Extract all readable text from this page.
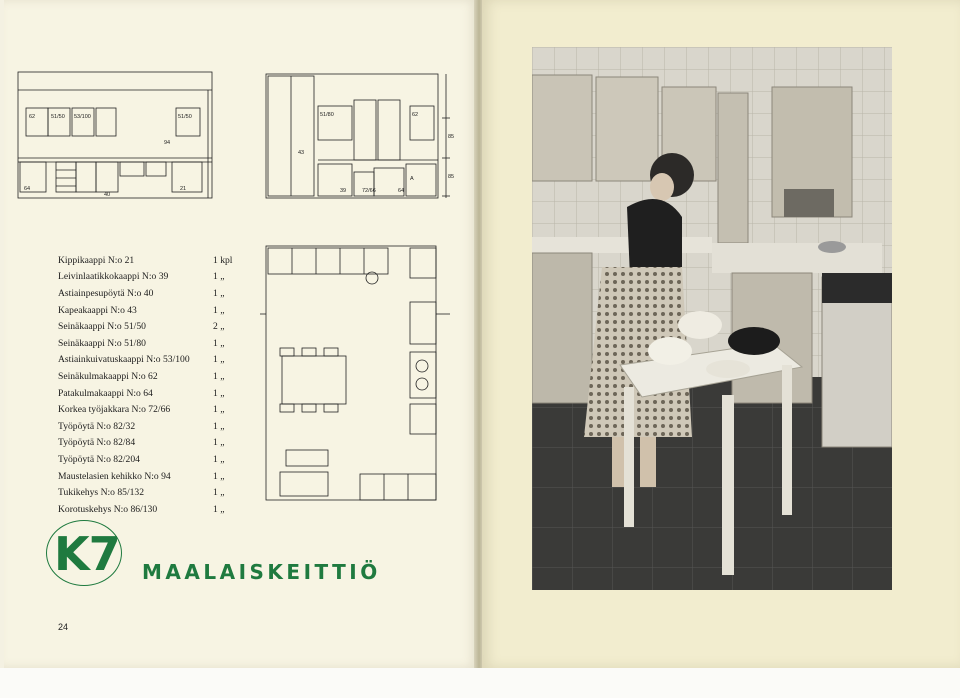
62	51/50 53/100	51/50
94
64
40
21
51/80	62
43
39	72/66
85
64
85
A
Kippikaappi N:o 21	1 kpl
Leivinlaatikkokaappi N:o 39	1 „
Astiainpesupöytä N:o 40	1 „
Kapeakaappi N:o 43	1 „
Seinäkaappi N:o 51/50	2 „
Seinäkaappi N:o 51/80	1 „
Astiainkuivatuskaappi N:o 53/100	1 „
Seinäkulmakaappi N:o 62	1 „
Patakulmakaappi N:o 64	1 „
Korkea työjakkara N:o 72/66	1 „
Työpöytä N:o 82/32	1 „
Työpöytä N:o 82/84	1 „
Työpöytä N:o 82/204	1 „
Maustelasien kehikko N:o 94	1 „
Tukikehys N:o 85/132	1 „
Korotuskehys N:o 86/130	1 „
K7 MAALAISKEITTIÖ
24
